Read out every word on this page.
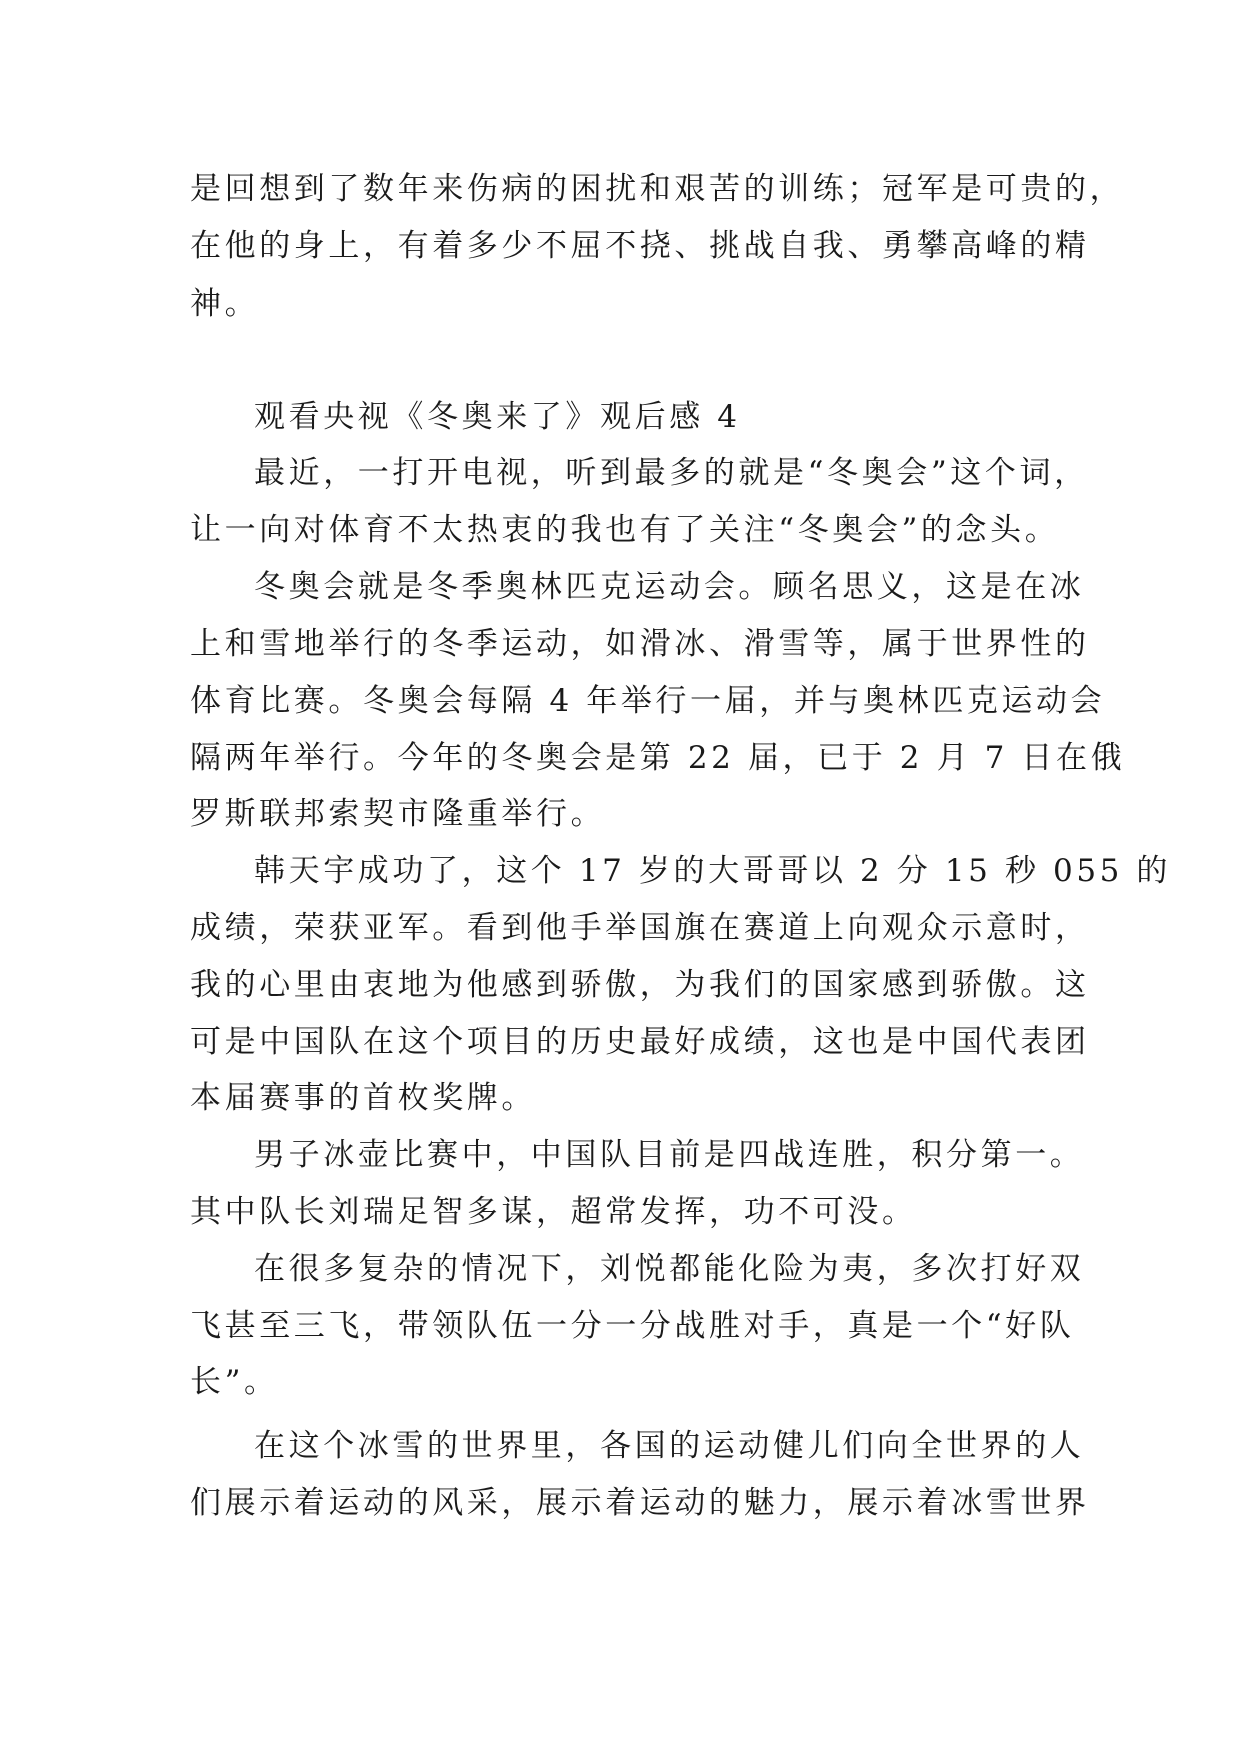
是回想到了数年来伤病的困扰和艰苦的训练；冠军是可贵的，
在他的身上，有着多少不屈不挠、挑战自我、勇攀高峰的精
神。
观看央视《冬奥来了》观后感 4
最近，一打开电视，听到最多的就是“冬奥会”这个词，
让一向对体育不太热衷的我也有了关注“冬奥会”的念头。
冬奥会就是冬季奥林匹克运动会。顾名思义，这是在冰
上和雪地举行的冬季运动，如滑冰、滑雪等，属于世界性的
体育比赛。冬奥会每隔 4 年举行一届，并与奥林匹克运动会
隔两年举行。今年的冬奥会是第 22 届，已于 2 月 7 日在俄
罗斯联邦索契市隆重举行。
韩天宇成功了，这个 17 岁的大哥哥以 2 分 15 秒 055 的
成绩，荣获亚军。看到他手举国旗在赛道上向观众示意时，
我的心里由衷地为他感到骄傲，为我们的国家感到骄傲。这
可是中国队在这个项目的历史最好成绩，这也是中国代表团
本届赛事的首枚奖牌。
男子冰壶比赛中，中国队目前是四战连胜，积分第一。
其中队长刘瑞足智多谋，超常发挥，功不可没。
在很多复杂的情况下，刘悦都能化险为夷，多次打好双
飞甚至三飞，带领队伍一分一分战胜对手，真是一个“好队
长”。
在这个冰雪的世界里，各国的运动健儿们向全世界的人
们展示着运动的风采，展示着运动的魅力，展示着冰雪世界
